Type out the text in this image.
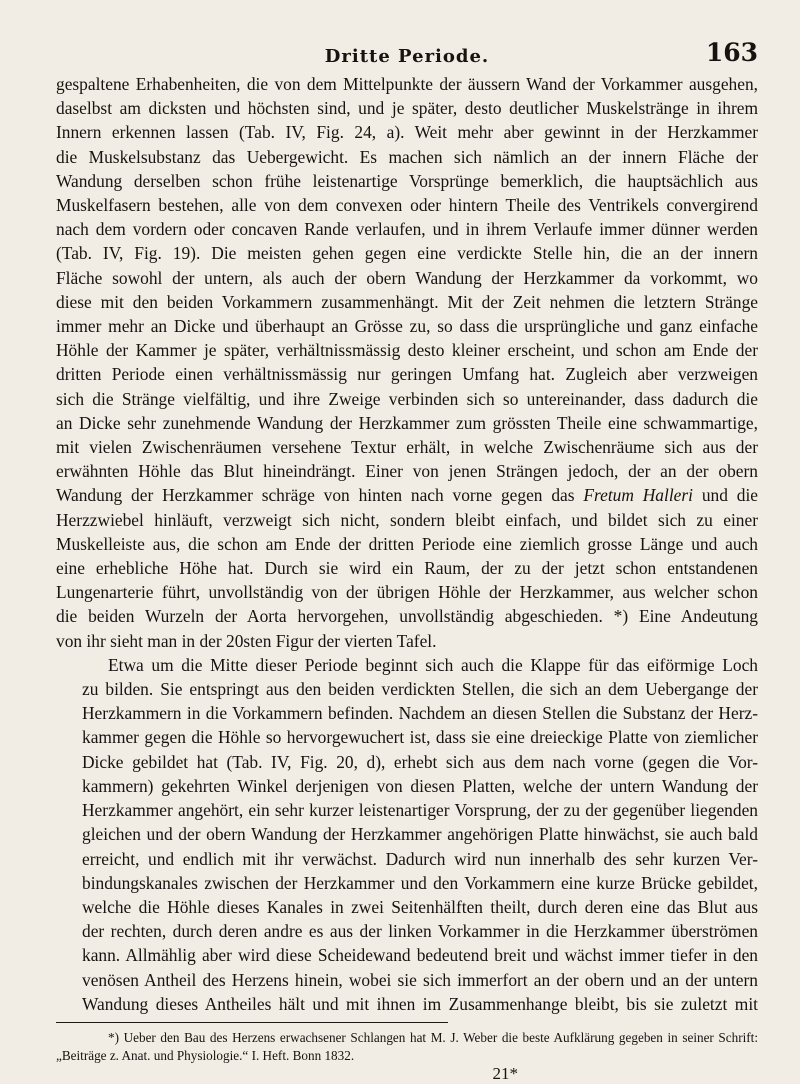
Dritte Periode.	163
gespaltene Erhabenheiten, die von dem Mittelpunkte der äussern Wand der Vorkammer ausgehen,
daselbst am dicksten und höchsten sind, und je später, desto deutlicher Muskelstränge in ihrem
Innern erkennen lassen (Tab. IV, Fig. 24, a). Weit mehr aber gewinnt in der Herzkammer
die Muskelsubstanz das Uebergewicht. Es machen sich nämlich an der innern Fläche der
Wandung derselben schon frühe leistenartige Vorsprünge bemerklich, die hauptsächlich aus
Muskelfasern bestehen, alle von dem convexen oder hintern Theile des Ventrikels convergirend
nach dem vordern oder concaven Rande verlaufen, und in ihrem Verlaufe immer dünner werden
(Tab. IV, Fig. 19). Die meisten gehen gegen eine verdickte Stelle hin, die an der innern
Fläche sowohl der untern, als auch der obern Wandung der Herzkammer da vorkommt, wo
diese mit den beiden Vorkammern zusammenhängt. Mit der Zeit nehmen die letztern Stränge
immer mehr an Dicke und überhaupt an Grösse zu, so dass die ursprüngliche und ganz einfache
Höhle der Kammer je später, verhältnissmässig desto kleiner erscheint, und schon am Ende der
dritten Periode einen verhältnissmässig nur geringen Umfang hat. Zugleich aber verzweigen
sich die Stränge vielfältig, und ihre Zweige verbinden sich so untereinander, dass dadurch die
an Dicke sehr zunehmende Wandung der Herzkammer zum grössten Theile eine schwammartige,
mit vielen Zwischenräumen versehene Textur erhält, in welche Zwischenräume sich aus der
erwähnten Höhle das Blut hineindrängt. Einer von jenen Strängen jedoch, der an der obern
Wandung der Herzkammer schräge von hinten nach vorne gegen das Fretum Halleri und die
Herzzwiebel hinläuft, verzweigt sich nicht, sondern bleibt einfach, und bildet sich zu einer
Muskelleiste aus, die schon am Ende der dritten Periode eine ziemlich grosse Länge und auch
eine erhebliche Höhe hat. Durch sie wird ein Raum, der zu der jetzt schon entstandenen
Lungenarterie führt, unvollständig von der übrigen Höhle der Herzkammer, aus welcher schon
die beiden Wurzeln der Aorta hervorgehen, unvollständig abgeschieden. *) Eine Andeutung
von ihr sieht man in der 20sten Figur der vierten Tafel.
Etwa um die Mitte dieser Periode beginnt sich auch die Klappe für das eiförmige Loch
zu bilden. Sie entspringt aus den beiden verdickten Stellen, die sich an dem Uebergange der
Herzkammern in die Vorkammern befinden. Nachdem an diesen Stellen die Substanz der Herz-
kammer gegen die Höhle so hervorgewuchert ist, dass sie eine dreieckige Platte von ziemlicher
Dicke gebildet hat (Tab. IV, Fig. 20, d), erhebt sich aus dem nach vorne (gegen die Vor-
kammern) gekehrten Winkel derjenigen von diesen Platten, welche der untern Wandung der
Herzkammer angehört, ein sehr kurzer leistenartiger Vorsprung, der zu der gegenüber liegenden
gleichen und der obern Wandung der Herzkammer angehörigen Platte hinwächst, sie auch bald
erreicht, und endlich mit ihr verwächst. Dadurch wird nun innerhalb des sehr kurzen Ver-
bindungskanales zwischen der Herzkammer und den Vorkammern eine kurze Brücke gebildet,
welche die Höhle dieses Kanales in zwei Seitenhälften theilt, durch deren eine das Blut aus
der rechten, durch deren andre es aus der linken Vorkammer in die Herzkammer überströmen
kann. Allmählig aber wird diese Scheidewand bedeutend breit und wächst immer tiefer in den
venösen Antheil des Herzens hinein, wobei sie sich immerfort an der obern und an der untern
Wandung dieses Antheiles hält und mit ihnen im Zusammenhange bleibt, bis sie zuletzt mit
*) Ueber den Bau des Herzens erwachsener Schlangen hat M. J. Weber die beste Aufklärung gegeben in seiner Schrift: „Beiträge z. Anat. und Physiologie.“ I. Heft. Bonn 1832.
21*
